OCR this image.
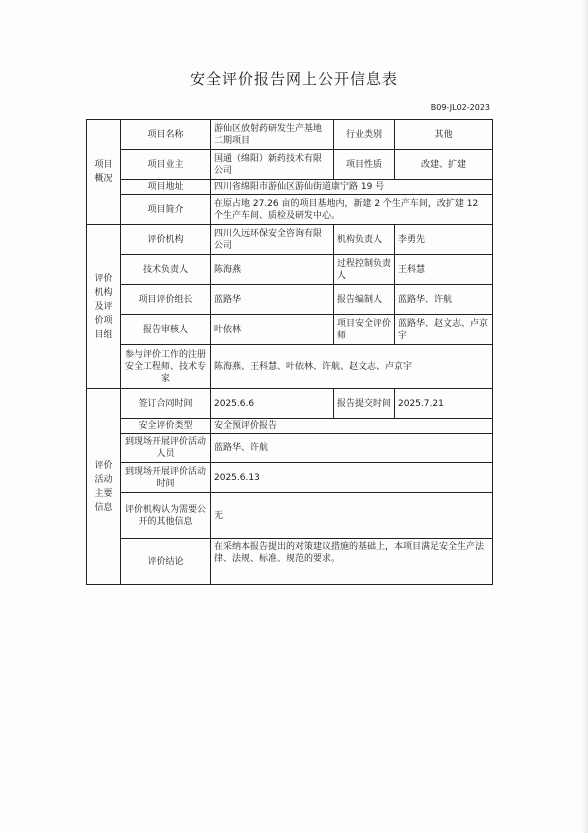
安全评价报告网上公开信息表
B09-JL02-2023
项目
概况	项目名称	游仙区放射药研发生产基地二期项目	行业类别	其他
	项目业主	国通（绵阳）新药技术有限公司	项目性质	改建、扩建
	项目地址	四川省绵阳市游仙区游仙街道康宁路 19 号		
	项目简介	在原占地 27.26 亩的项目基地内，新建 2 个生产车间，改扩建 12 个生产车间、质检及研发中心。		
评价
机构
及评
价项
目组	评价机构	四川久远环保安全咨询有限公司	机构负责人	李勇先
	技术负责人	陈海燕	过程控制负责人	王科慧
	项目评价组长	蓝路华	报告编制人	蓝路华、许航
	报告审核人	叶依林	项目安全评价师	蓝路华、赵文志、卢京宇
	参与评价工作的注册安全工程师、技术专家	陈海燕、王科慧、叶依林、许航、赵文志、卢京宇		
评价
活动
主要
信息	签订合同时间	2025.6.6	报告提交时间	2025.7.21
	安全评价类型	安全预评价报告		
	到现场开展评价活动人员	蓝路华、许航		
	到现场开展评价活动时间	2025.6.13		
	评价机构认为需要公开的其他信息	无		
	评价结论	在采纳本报告提出的对策建议措施的基础上，本项目满足安全生产法律、法规、标准、规范的要求。		
